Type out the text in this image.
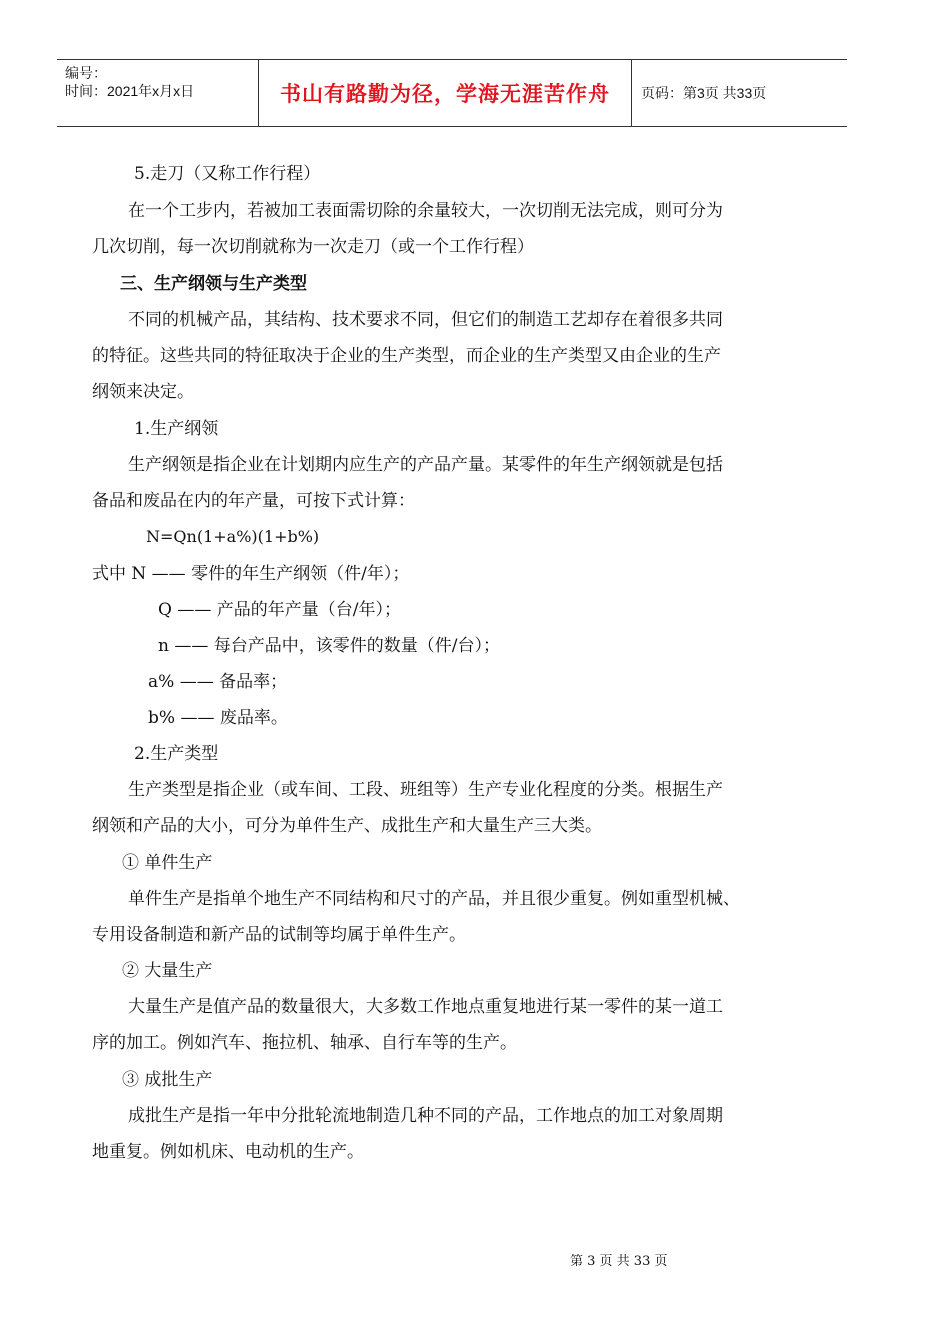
编号：
时间：2021年x月x日	书山有路勤为径，学海无涯苦作舟 页码：第3页 共33页
5.走刀（又称工作行程）
在一个工步内，若被加工表面需切除的余量较大，一次切削无法完成，则可分为
几次切削，每一次切削就称为一次走刀（或一个工作行程）
三、生产纲领与生产类型
不同的机械产品，其结构、技术要求不同，但它们的制造工艺却存在着很多共同
的特征。这些共同的特征取决于企业的生产类型，而企业的生产类型又由企业的生产
纲领来决定。
1.生产纲领
生产纲领是指企业在计划期内应生产的产品产量。某零件的年生产纲领就是包括
备品和废品在内的年产量，可按下式计算：
N=Qn(1+a%)(1+b%)
式中 N —— 零件的年生产纲领（件/年）；
Q —— 产品的年产量（台/年）；
n —— 每台产品中，该零件的数量（件/台）；
a% —— 备品率；
b% —— 废品率。
2.生产类型
生产类型是指企业（或车间、工段、班组等）生产专业化程度的分类。根据生产
纲领和产品的大小，可分为单件生产、成批生产和大量生产三大类。
① 单件生产
单件生产是指单个地生产不同结构和尺寸的产品，并且很少重复。例如重型机械、
专用设备制造和新产品的试制等均属于单件生产。
② 大量生产
大量生产是值产品的数量很大，大多数工作地点重复地进行某一零件的某一道工
序的加工。例如汽车、拖拉机、轴承、自行车等的生产。
③ 成批生产
成批生产是指一年中分批轮流地制造几种不同的产品，工作地点的加工对象周期
地重复。例如机床、电动机的生产。
第 3 页 共 33 页
